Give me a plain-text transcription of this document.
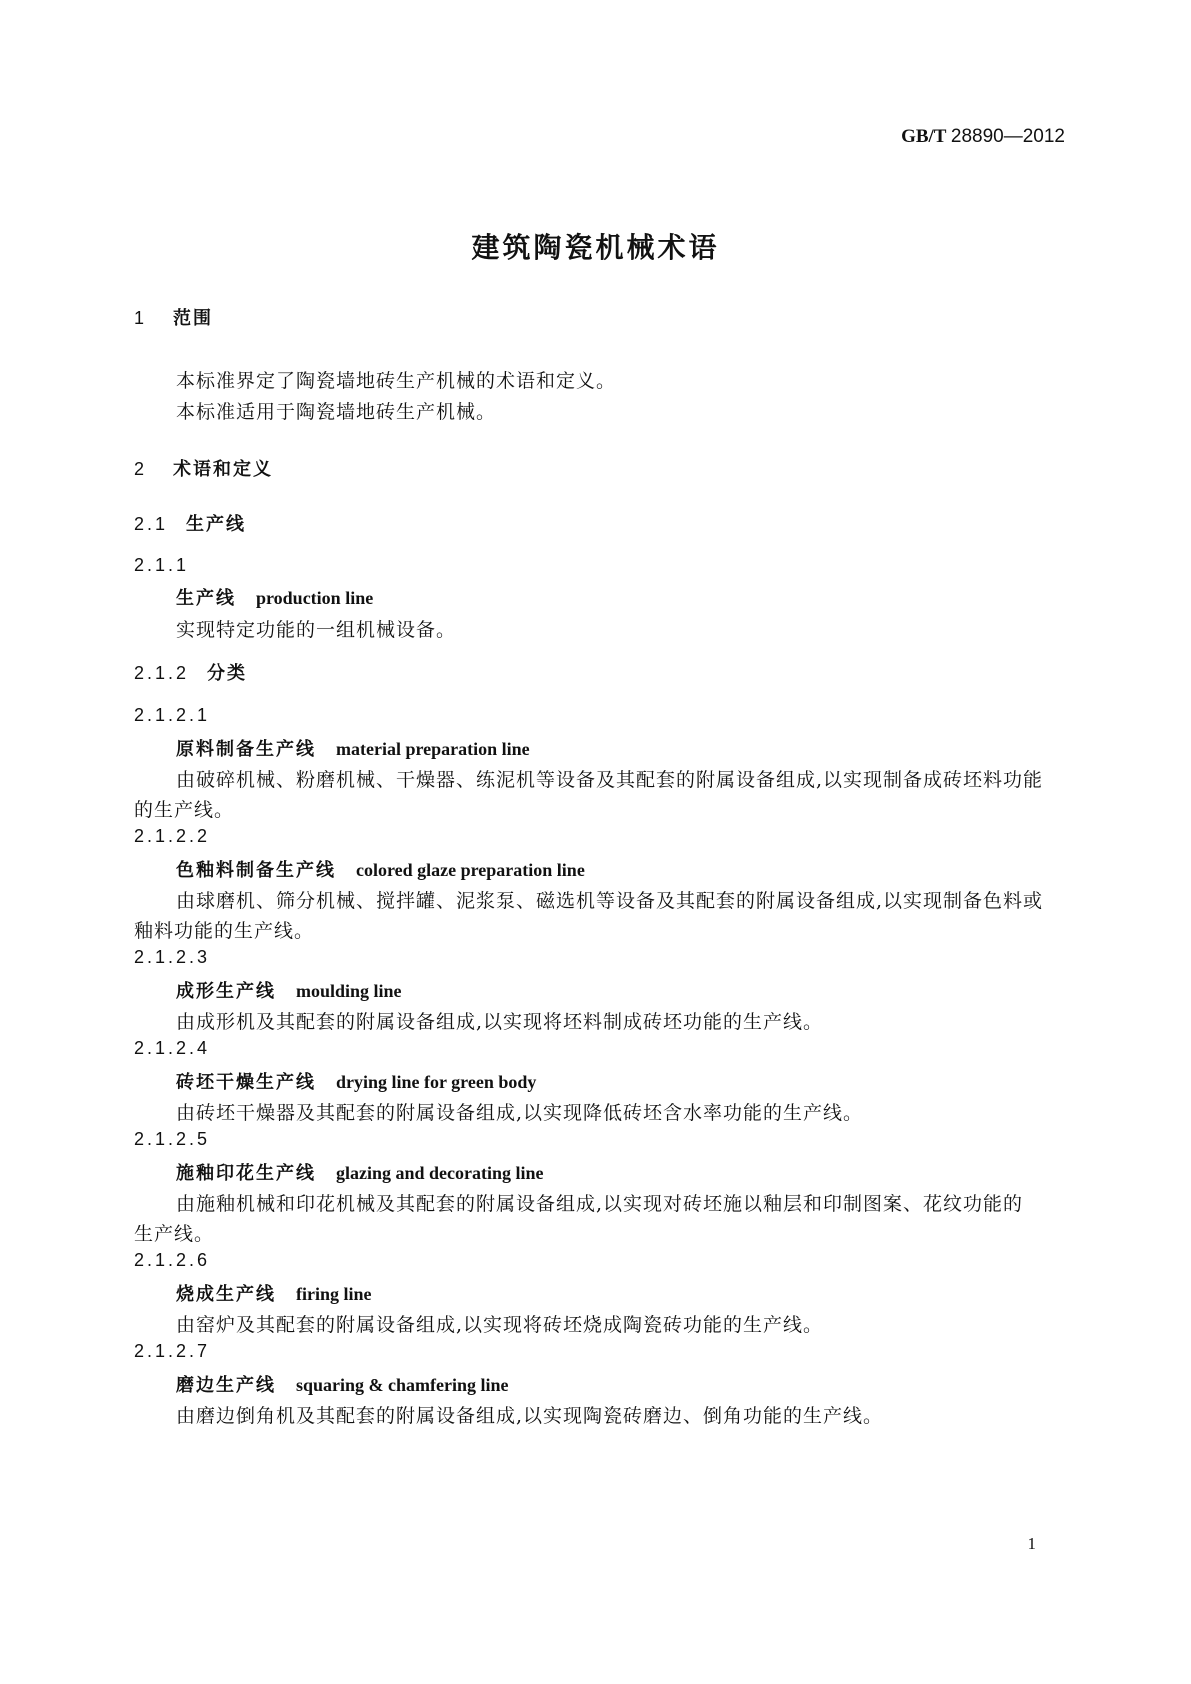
GB/T 28890—2012
建筑陶瓷机械术语
1 范围
本标准界定了陶瓷墙地砖生产机械的术语和定义。
本标准适用于陶瓷墙地砖生产机械。
2 术语和定义
2.1 生产线
2.1.1
生产线 production line
实现特定功能的一组机械设备。
2.1.2 分类
2.1.2.1
原料制备生产线 material preparation line
由破碎机械、粉磨机械、干燥器、练泥机等设备及其配套的附属设备组成,以实现制备成砖坯料功能
的生产线。
2.1.2.2
色釉料制备生产线 colored glaze preparation line
由球磨机、筛分机械、搅拌罐、泥浆泵、磁选机等设备及其配套的附属设备组成,以实现制备色料或
釉料功能的生产线。
2.1.2.3
成形生产线 moulding line
由成形机及其配套的附属设备组成,以实现将坯料制成砖坯功能的生产线。
2.1.2.4
砖坯干燥生产线 drying line for green body
由砖坯干燥器及其配套的附属设备组成,以实现降低砖坯含水率功能的生产线。
2.1.2.5
施釉印花生产线 glazing and decorating line
由施釉机械和印花机械及其配套的附属设备组成,以实现对砖坯施以釉层和印制图案、花纹功能的
生产线。
2.1.2.6
烧成生产线 firing line
由窑炉及其配套的附属设备组成,以实现将砖坯烧成陶瓷砖功能的生产线。
2.1.2.7
磨边生产线 squaring & chamfering line
由磨边倒角机及其配套的附属设备组成,以实现陶瓷砖磨边、倒角功能的生产线。
1
